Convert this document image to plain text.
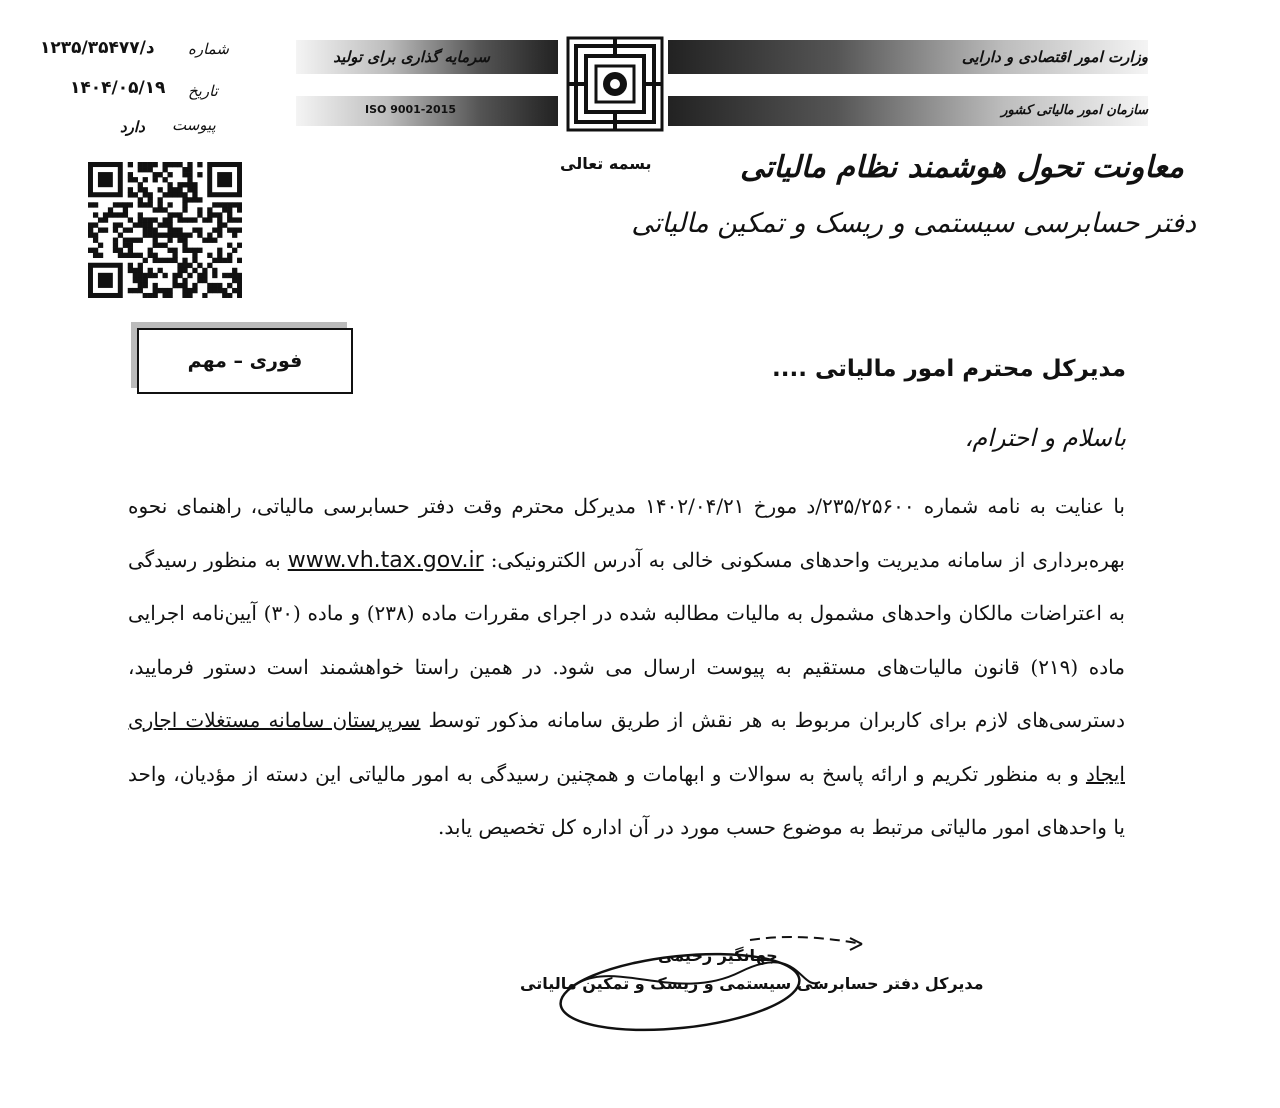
۱۲۳۵/۳۵۴۷۷/د شماره
۱۴۰۴/۰۵/۱۹ تاریخ
دارد پیوست
سرمایه گذاری برای تولید
ISO 9001-2015
وزارت امور اقتصادی و دارایی
سازمان امور مالیاتی کشور
بسمه تعالی	معاونت تحول هوشمند نظام مالیاتی
دفتر حسابرسی سیستمی و ریسک و تمکین مالیاتی
فوری – مهم	مدیرکل محترم امور مالیاتی ....
باسلام و احترام،
با عنایت به نامه شماره ۲۳۵/۲۵۶۰۰/د مورخ ۱۴۰۲/۰۴/۲۱ مدیرکل محترم وقت دفتر حسابرسی مالیاتی، راهنمای نحوه بهره‌برداری از سامانه مدیریت واحدهای مسکونی خالی به آدرس الکترونیکی: www.vh.tax.gov.ir به منظور رسیدگی به اعتراضات مالکان واحدهای مشمول به مالیات مطالبه شده در اجرای مقررات ماده (۲۳۸) و ماده (۳۰) آیین‌نامه اجرایی ماده (۲۱۹) قانون مالیات‌های مستقیم به پیوست ارسال می شود. در همین راستا خواهشمند است دستور فرمایید، دسترسی‌های لازم برای کاربران مربوط به هر نقش از طریق سامانه مذکور توسط سرپرستان سامانه مستغلات اجاری ایجاد و به منظور تکریم و ارائه پاسخ به سوالات و ابهامات و همچنین رسیدگی به امور مالیاتی این دسته از مؤدیان، واحد یا واحدهای امور مالیاتی مرتبط به موضوع حسب مورد در آن اداره کل تخصیص یابد.
جهانگیر رحیمی
مدیرکل دفتر حسابرسی سیستمی و ریسک و تمکین مالیاتی
